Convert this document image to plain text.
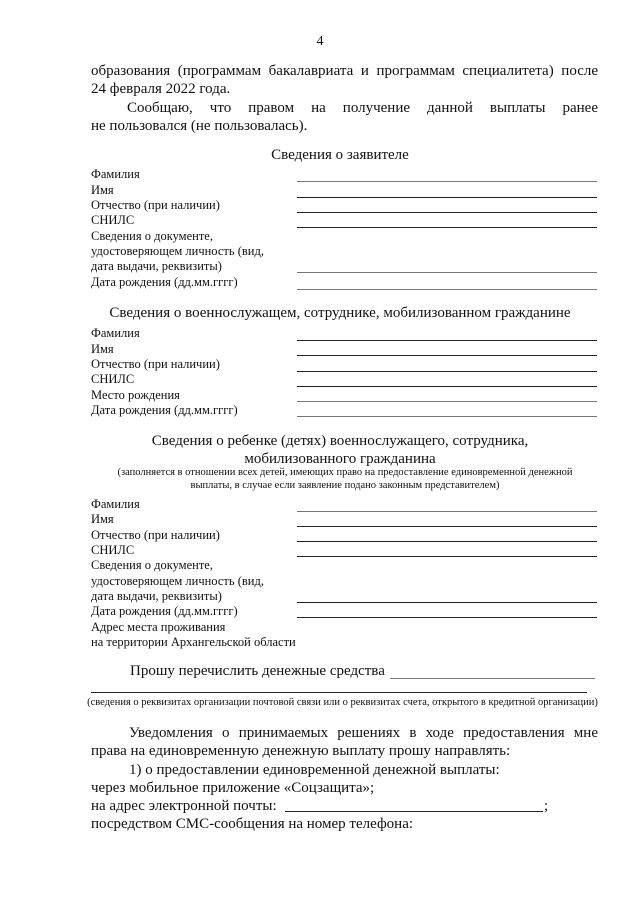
4
образования (программам бакалавриата и программам специалитета) после
24 февраля 2022 года.
Сообщаю, что правом на получение данной выплаты ранее
не пользовался (не пользовалась).
Сведения о заявителе
Фамилия
Имя
Отчество (при наличии)
СНИЛС
Сведения о документе,
удостоверяющем личность (вид,
дата выдачи, реквизиты)
Дата рождения (дд.мм.гггг)
Сведения о военнослужащем, сотруднике, мобилизованном гражданине
Фамилия
Имя
Отчество (при наличии)
СНИЛС
Место рождения
Дата рождения (дд.мм.гггг)
Сведения о ребенке (детях) военнослужащего, сотрудника,
мобилизованного гражданина
(заполняется в отношении всех детей, имеющих право на предоставление единовременной денежной
выплаты, в случае если заявление подано законным представителем)
Фамилия
Имя
Отчество (при наличии)
СНИЛС
Сведения о документе,
удостоверяющем личность (вид,
дата выдачи, реквизиты)
Дата рождения (дд.мм.гггг)
Адрес места проживания
на территории Архангельской области
Прошу перечислить денежные средства
(сведения о реквизитах организации почтовой связи или о реквизитах счета, открытого в кредитной организации)
Уведомления о принимаемых решениях в ходе предоставления мне
права на единовременную денежную выплату прошу направлять:
1) о предоставлении единовременной денежной выплаты:
через мобильное приложение «Соцзащита»;
на адрес электронной почты:	;
посредством СМС-сообщения на номер телефона:
